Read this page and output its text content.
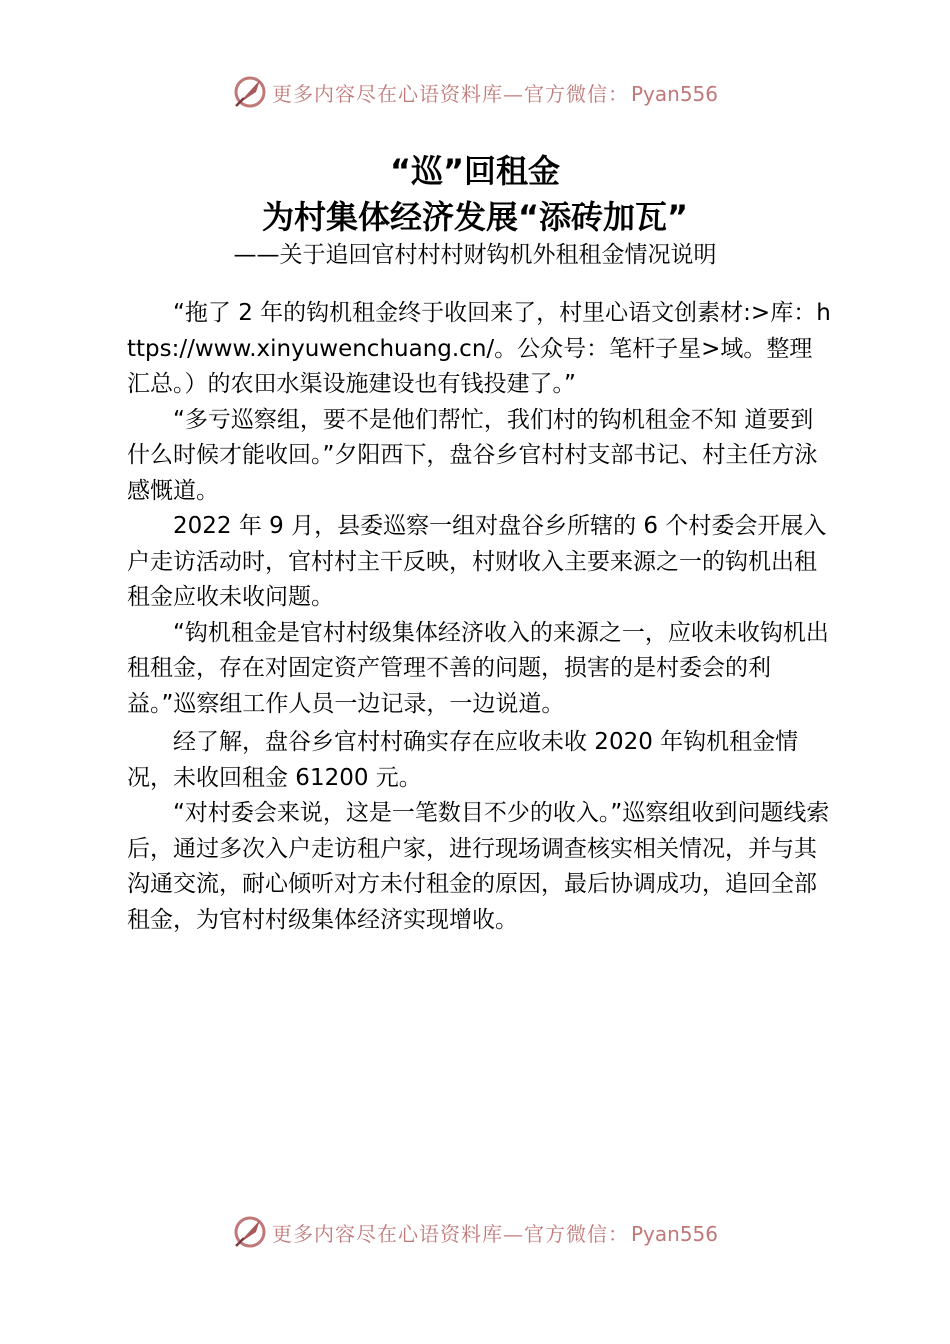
更多内容尽在心语资料库—官方微信： Pyan556
“巡”回租金
为村集体经济发展“添砖加瓦”
——关于追回官村村村财钩机外租租金情况说明

“拖了 2 年的钩机租金终于收回来了，村里心语文创素材:>库：https://www.xinyuwenchuang.cn/。公众号：笔杆子星>域。整理汇总。）的农田水渠设施建设也有钱投建了。”

“多亏巡察组，要不是他们帮忙，我们村的钩机租金不知 道要到什么时候才能收回。”夕阳西下，盘谷乡官村村支部书记、村主任方泳感慨道。

2022 年 9 月，县委巡察一组对盘谷乡所辖的 6 个村委会开展入户走访活动时，官村村主干反映，村财收入主要来源之一的钩机出租租金应收未收问题。

“钩机租金是官村村级集体经济收入的来源之一，应收未收钩机出租租金，存在对固定资产管理不善的问题，损害的是村委会的利益。”巡察组工作人员一边记录，一边说道。

经了解，盘谷乡官村村确实存在应收未收 2020 年钩机租金情况，未收回租金 61200 元。

“对村委会来说，这是一笔数目不少的收入。”巡察组收到问题线索后，通过多次入户走访租户家，进行现场调查核实相关情况，并与其沟通交流，耐心倾听对方未付租金的原因，最后协调成功，追回全部租金，为官村村级集体经济实现增收。

更多内容尽在心语资料库—官方微信： Pyan556
